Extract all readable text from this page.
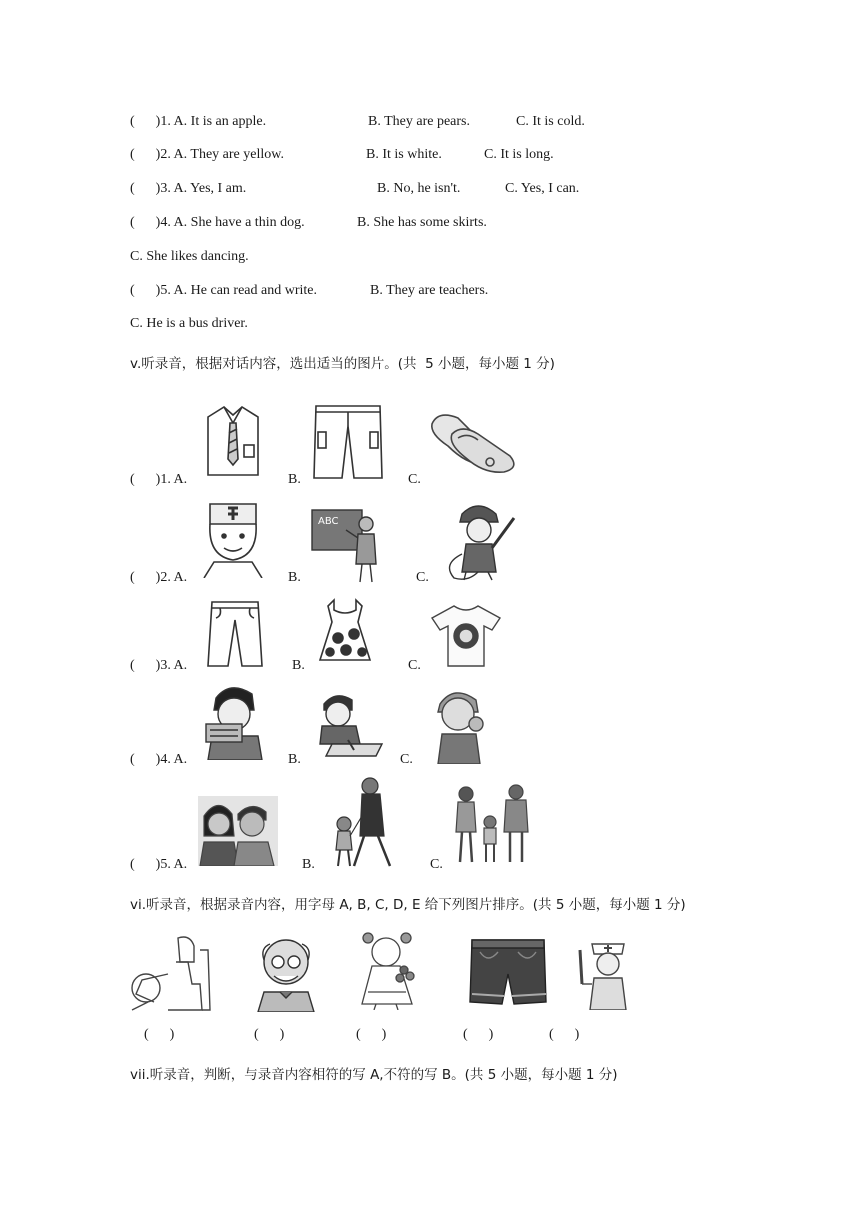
(      )1. A. It is an apple.	B. They are pears.	C. It is cold.
(      )2. A. They are yellow.	B. It is white.	C. It is long.
(      )3. A. Yes, I am.	B. No, he isn't.	C. Yes, I can.
(      )4. A. She have a thin dog.	B. She has some skirts.
C. She likes dancing.
(      )5. A. He can read and write.	B. They are teachers.
C. He is a bus driver.
v.听录音，根据对话内容，选出适当的图片。(共  5 小题，每小题 1 分)
(      )1. A.	B.	C.
(      )2. A.	B.
ABC
C.
(      )3. A.	B.	C.
(      )4. A.	B.	C.
(      )5. A.	B.	C.
vi.听录音，根据录音内容，用字母 A, B, C, D, E 给下列图片排序。(共 5 小题，每小题 1 分)
(      )	(      )	(      )	(      )	(      )
vii.听录音，判断，与录音内容相符的写 A,不符的写 B。(共 5 小题，每小题 1 分)
